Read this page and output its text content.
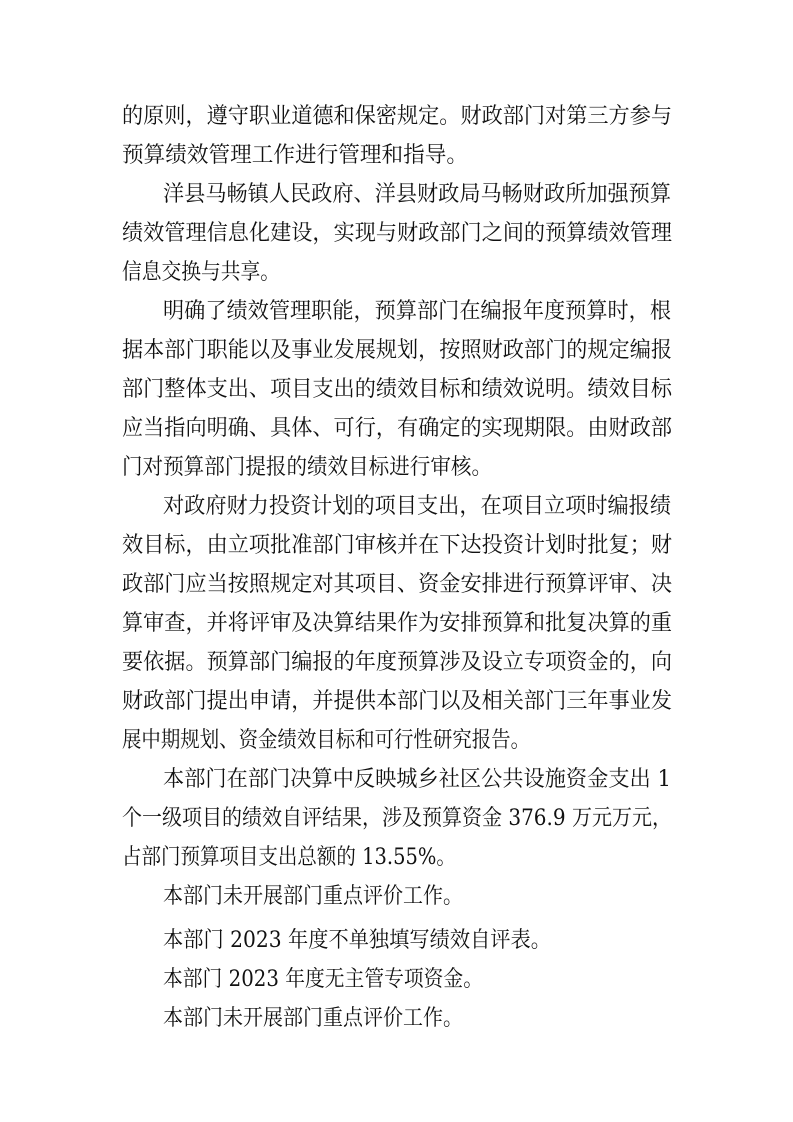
的原则，遵守职业道德和保密规定。财政部门对第三方参与
预算绩效管理工作进行管理和指导。
洋县马畅镇人民政府、洋县财政局马畅财政所加强预算
绩效管理信息化建设，实现与财政部门之间的预算绩效管理
信息交换与共享。
明确了绩效管理职能，预算部门在编报年度预算时，根
据本部门职能以及事业发展规划，按照财政部门的规定编报
部门整体支出、项目支出的绩效目标和绩效说明。绩效目标
应当指向明确、具体、可行，有确定的实现期限。由财政部
门对预算部门提报的绩效目标进行审核。
对政府财力投资计划的项目支出，在项目立项时编报绩
效目标，由立项批准部门审核并在下达投资计划时批复；财
政部门应当按照规定对其项目、资金安排进行预算评审、决
算审查，并将评审及决算结果作为安排预算和批复决算的重
要依据。预算部门编报的年度预算涉及设立专项资金的，向
财政部门提出申请，并提供本部门以及相关部门三年事业发
展中期规划、资金绩效目标和可行性研究报告。
本部门在部门决算中反映城乡社区公共设施资金支出 1
个一级项目的绩效自评结果，涉及预算资金 376.9 万元万元，
占部门预算项目支出总额的 13.55%。
本部门未开展部门重点评价工作。
本部门 2023 年度不单独填写绩效自评表。
本部门 2023 年度无主管专项资金。
本部门未开展部门重点评价工作。
